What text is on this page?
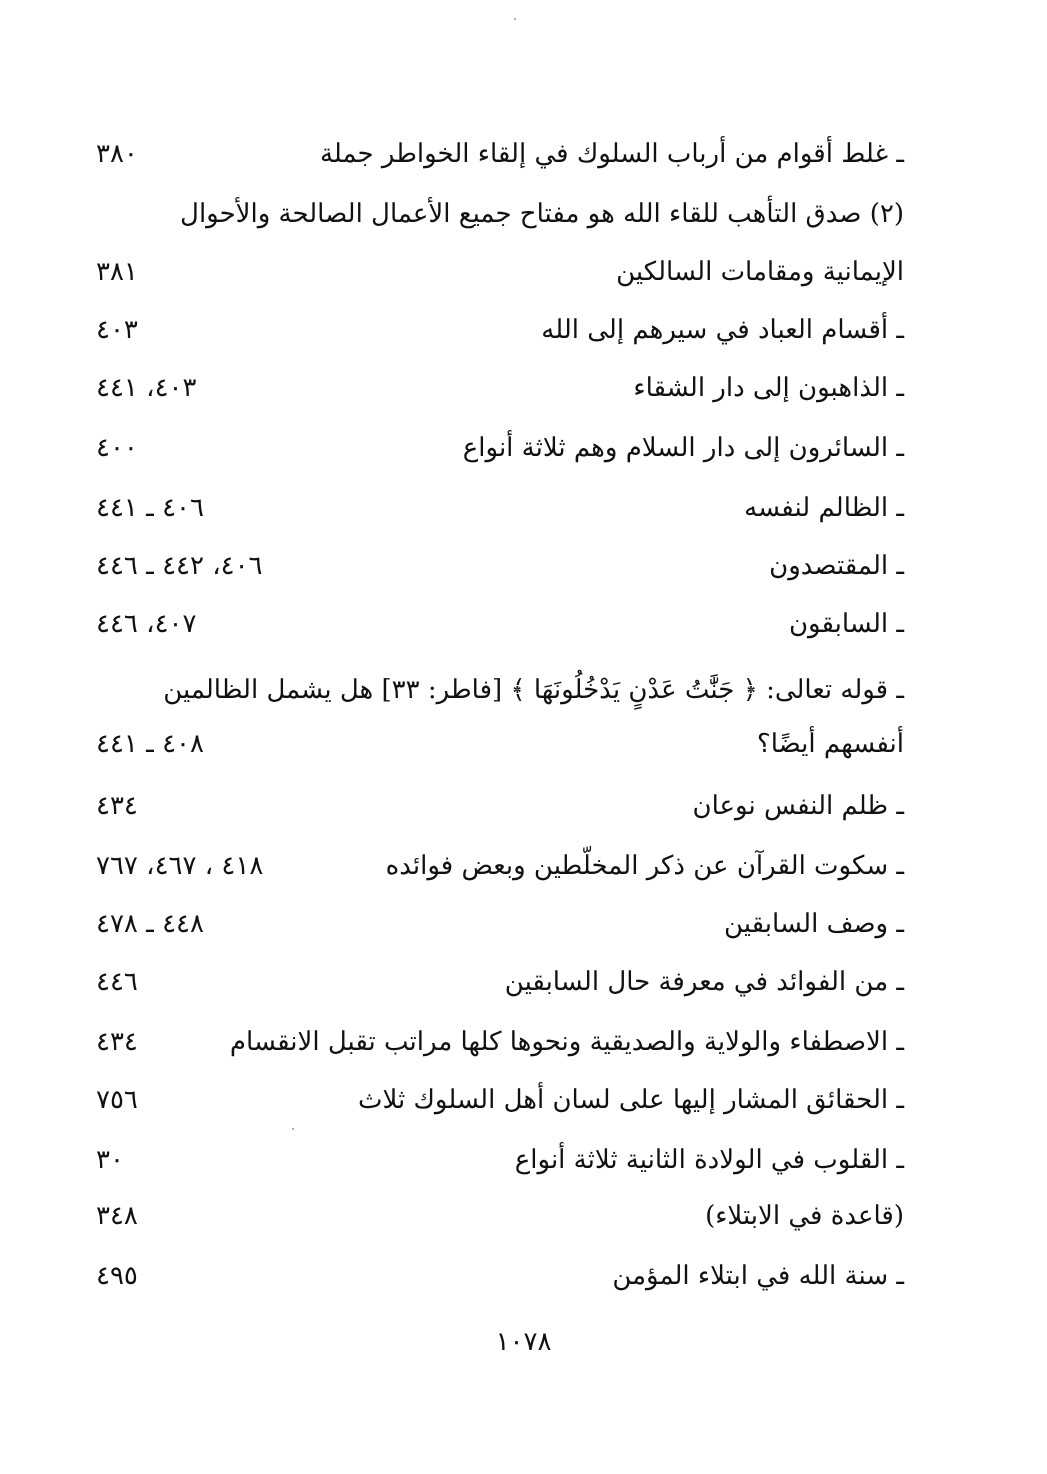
ـ غلط أقوام من أرباب السلوك في إلقاء الخواطر جملة
٣٨٠
(٢) صدق التأهب للقاء الله هو مفتاح جميع الأعمال الصالحة والأحوال
الإيمانية ومقامات السالكين
٣٨١
ـ أقسام العباد في سيرهم إلى الله
٤٠٣
ـ الذاهبون إلى دار الشقاء
٤٠٣، ٤٤١
ـ السائرون إلى دار السلام وهم ثلاثة أنواع
٤٠٠
ـ الظالم لنفسه
٤٠٦ ـ ٤٤١
ـ المقتصدون
٤٠٦، ٤٤٢ ـ ٤٤٦
ـ السابقون
٤٠٧، ٤٤٦
ـ قوله تعالى: ﴿ جَنَّٰتُ عَدْنٍ يَدْخُلُونَهَا ﴾ [فاطر: ٣٣] هل يشمل الظالمين
أنفسهم أيضًا؟
٤٠٨ ـ ٤٤١
ـ ظلم النفس نوعان
٤٣٤
ـ سكوت القرآن عن ذكر المخلّطين وبعض فوائده
٤١٨ ، ٤٦٧، ٧٦٧
ـ وصف السابقين
٤٤٨ ـ ٤٧٨
ـ من الفوائد في معرفة حال السابقين
٤٤٦
ـ الاصطفاء والولاية والصديقية ونحوها كلها مراتب تقبل الانقسام
٤٣٤
ـ الحقائق المشار إليها على لسان أهل السلوك ثلاث
٧٥٦
ـ القلوب في الولادة الثانية ثلاثة أنواع
٣٠
(قاعدة في الابتلاء)
٣٤٨
ـ سنة الله في ابتلاء المؤمن
٤٩٥
١٠٧٨
